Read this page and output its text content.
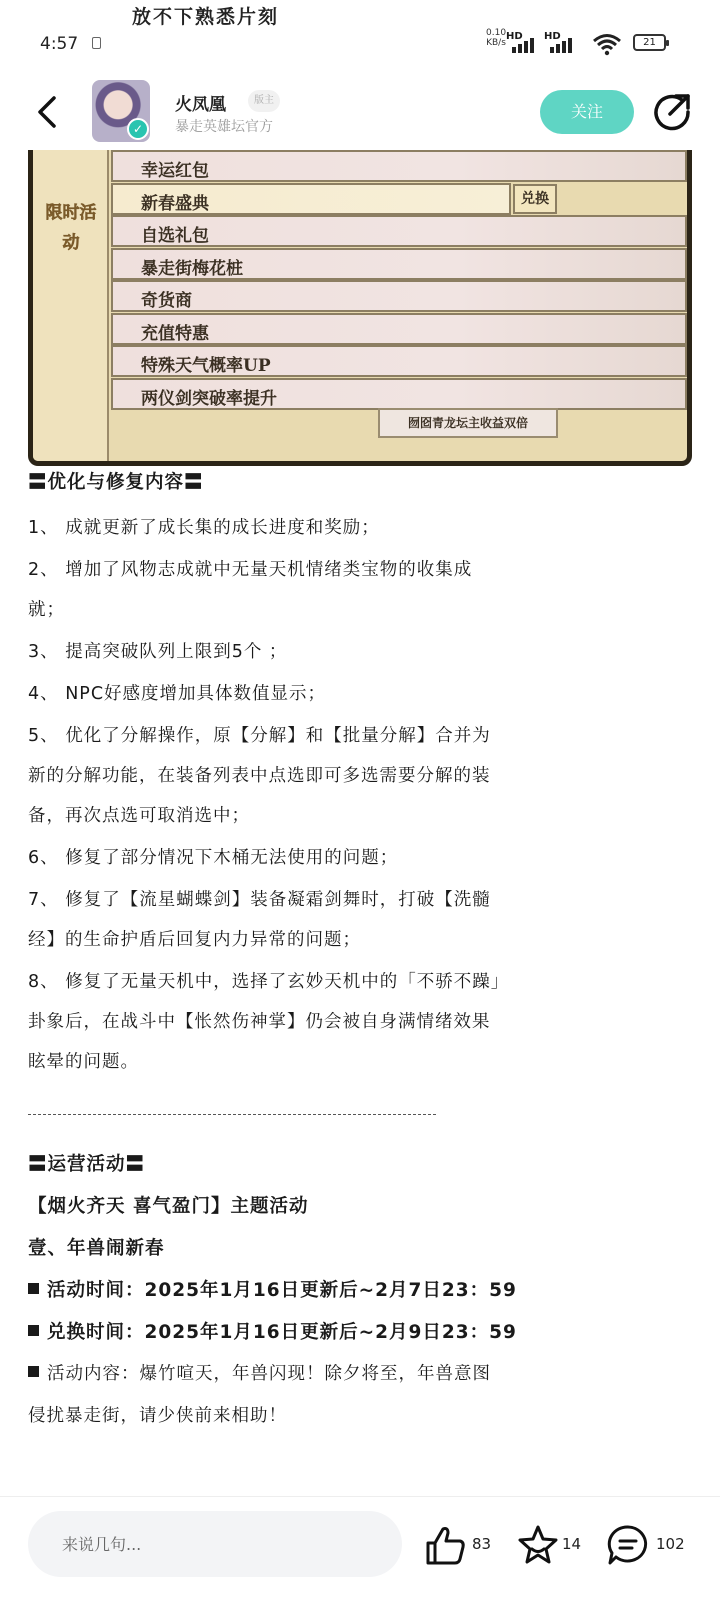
放不下熟悉片刻
4:57
0.10
KB/s
HD HD
21
✓
火凤凰	版主
暴走英雄坛官方
关注
限时活动
幸运红包
新春盛典
自选礼包
暴走街梅花桩
奇货商
充值特惠
特殊天气概率UP
两仪剑突破率提升
兑换
囫囵青龙坛主收益双倍
〓优化与修复内容〓
1、 成就更新了成长集的成长进度和奖励；
2、 增加了风物志成就中无量天机情绪类宝物的收集成
就；
3、 提高突破队列上限到5个 ；
4、 NPC好感度增加具体数值显示；
5、 优化了分解操作，原【分解】和【批量分解】合并为
新的分解功能，在装备列表中点选即可多选需要分解的装
备，再次点选可取消选中；
6、 修复了部分情况下木桶无法使用的问题；
7、 修复了【流星蝴蝶剑】装备凝霜剑舞时，打破【洗髓
经】的生命护盾后回复内力异常的问题；
8、 修复了无量天机中，选择了玄妙天机中的「不骄不躁」
卦象后，在战斗中【怅然伤神掌】仍会被自身满情绪效果
眩晕的问题。
〓运营活动〓
【烟火齐天 喜气盈门】主题活动
壹、年兽闹新春
活动时间：2025年1月16日更新后~2月7日23：59
兑换时间：2025年1月16日更新后~2月9日23：59
活动内容：爆竹喧天，年兽闪现！除夕将至，年兽意图
侵扰暴走街，请少侠前来相助！
来说几句...
83	14	102
